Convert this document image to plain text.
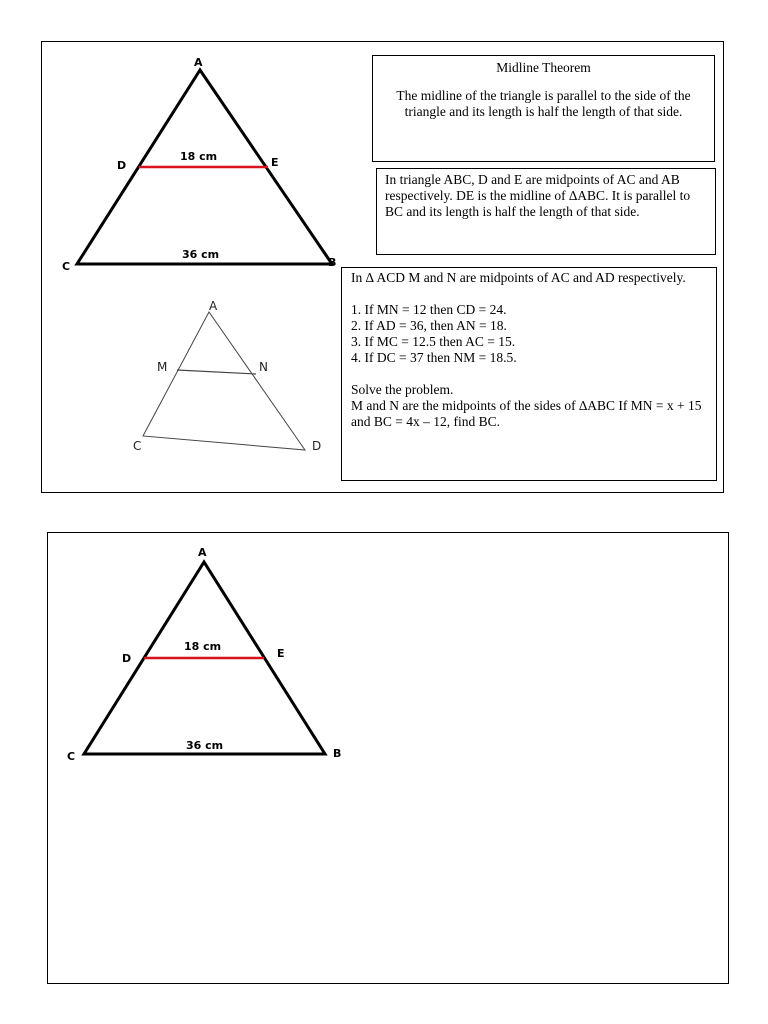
A
D	E
C	B
18 cm
36 cm
A
M	N
C	D
Midline Theorem
The midline of the triangle is parallel to the side of the triangle and its length is half the length of that side.
In triangle ABC, D and E are midpoints of AC and AB respectively. DE is the midline of ∆ABC. It is parallel to BC and its length is half the length of that side.

In ∆ ACD M and N are midpoints of AC and AD respectively.

1. If MN = 12 then CD = 24.

2. If AD = 36, then AN = 18.

3. If MC = 12.5 then AC = 15.

4. If DC = 37 then NM = 18.5.

Solve the problem.

M and N are the midpoints of the sides of ∆ABC If MN = x + 15 and BC = 4x – 12, find BC.

A
D	E
C	B
18 cm
36 cm
